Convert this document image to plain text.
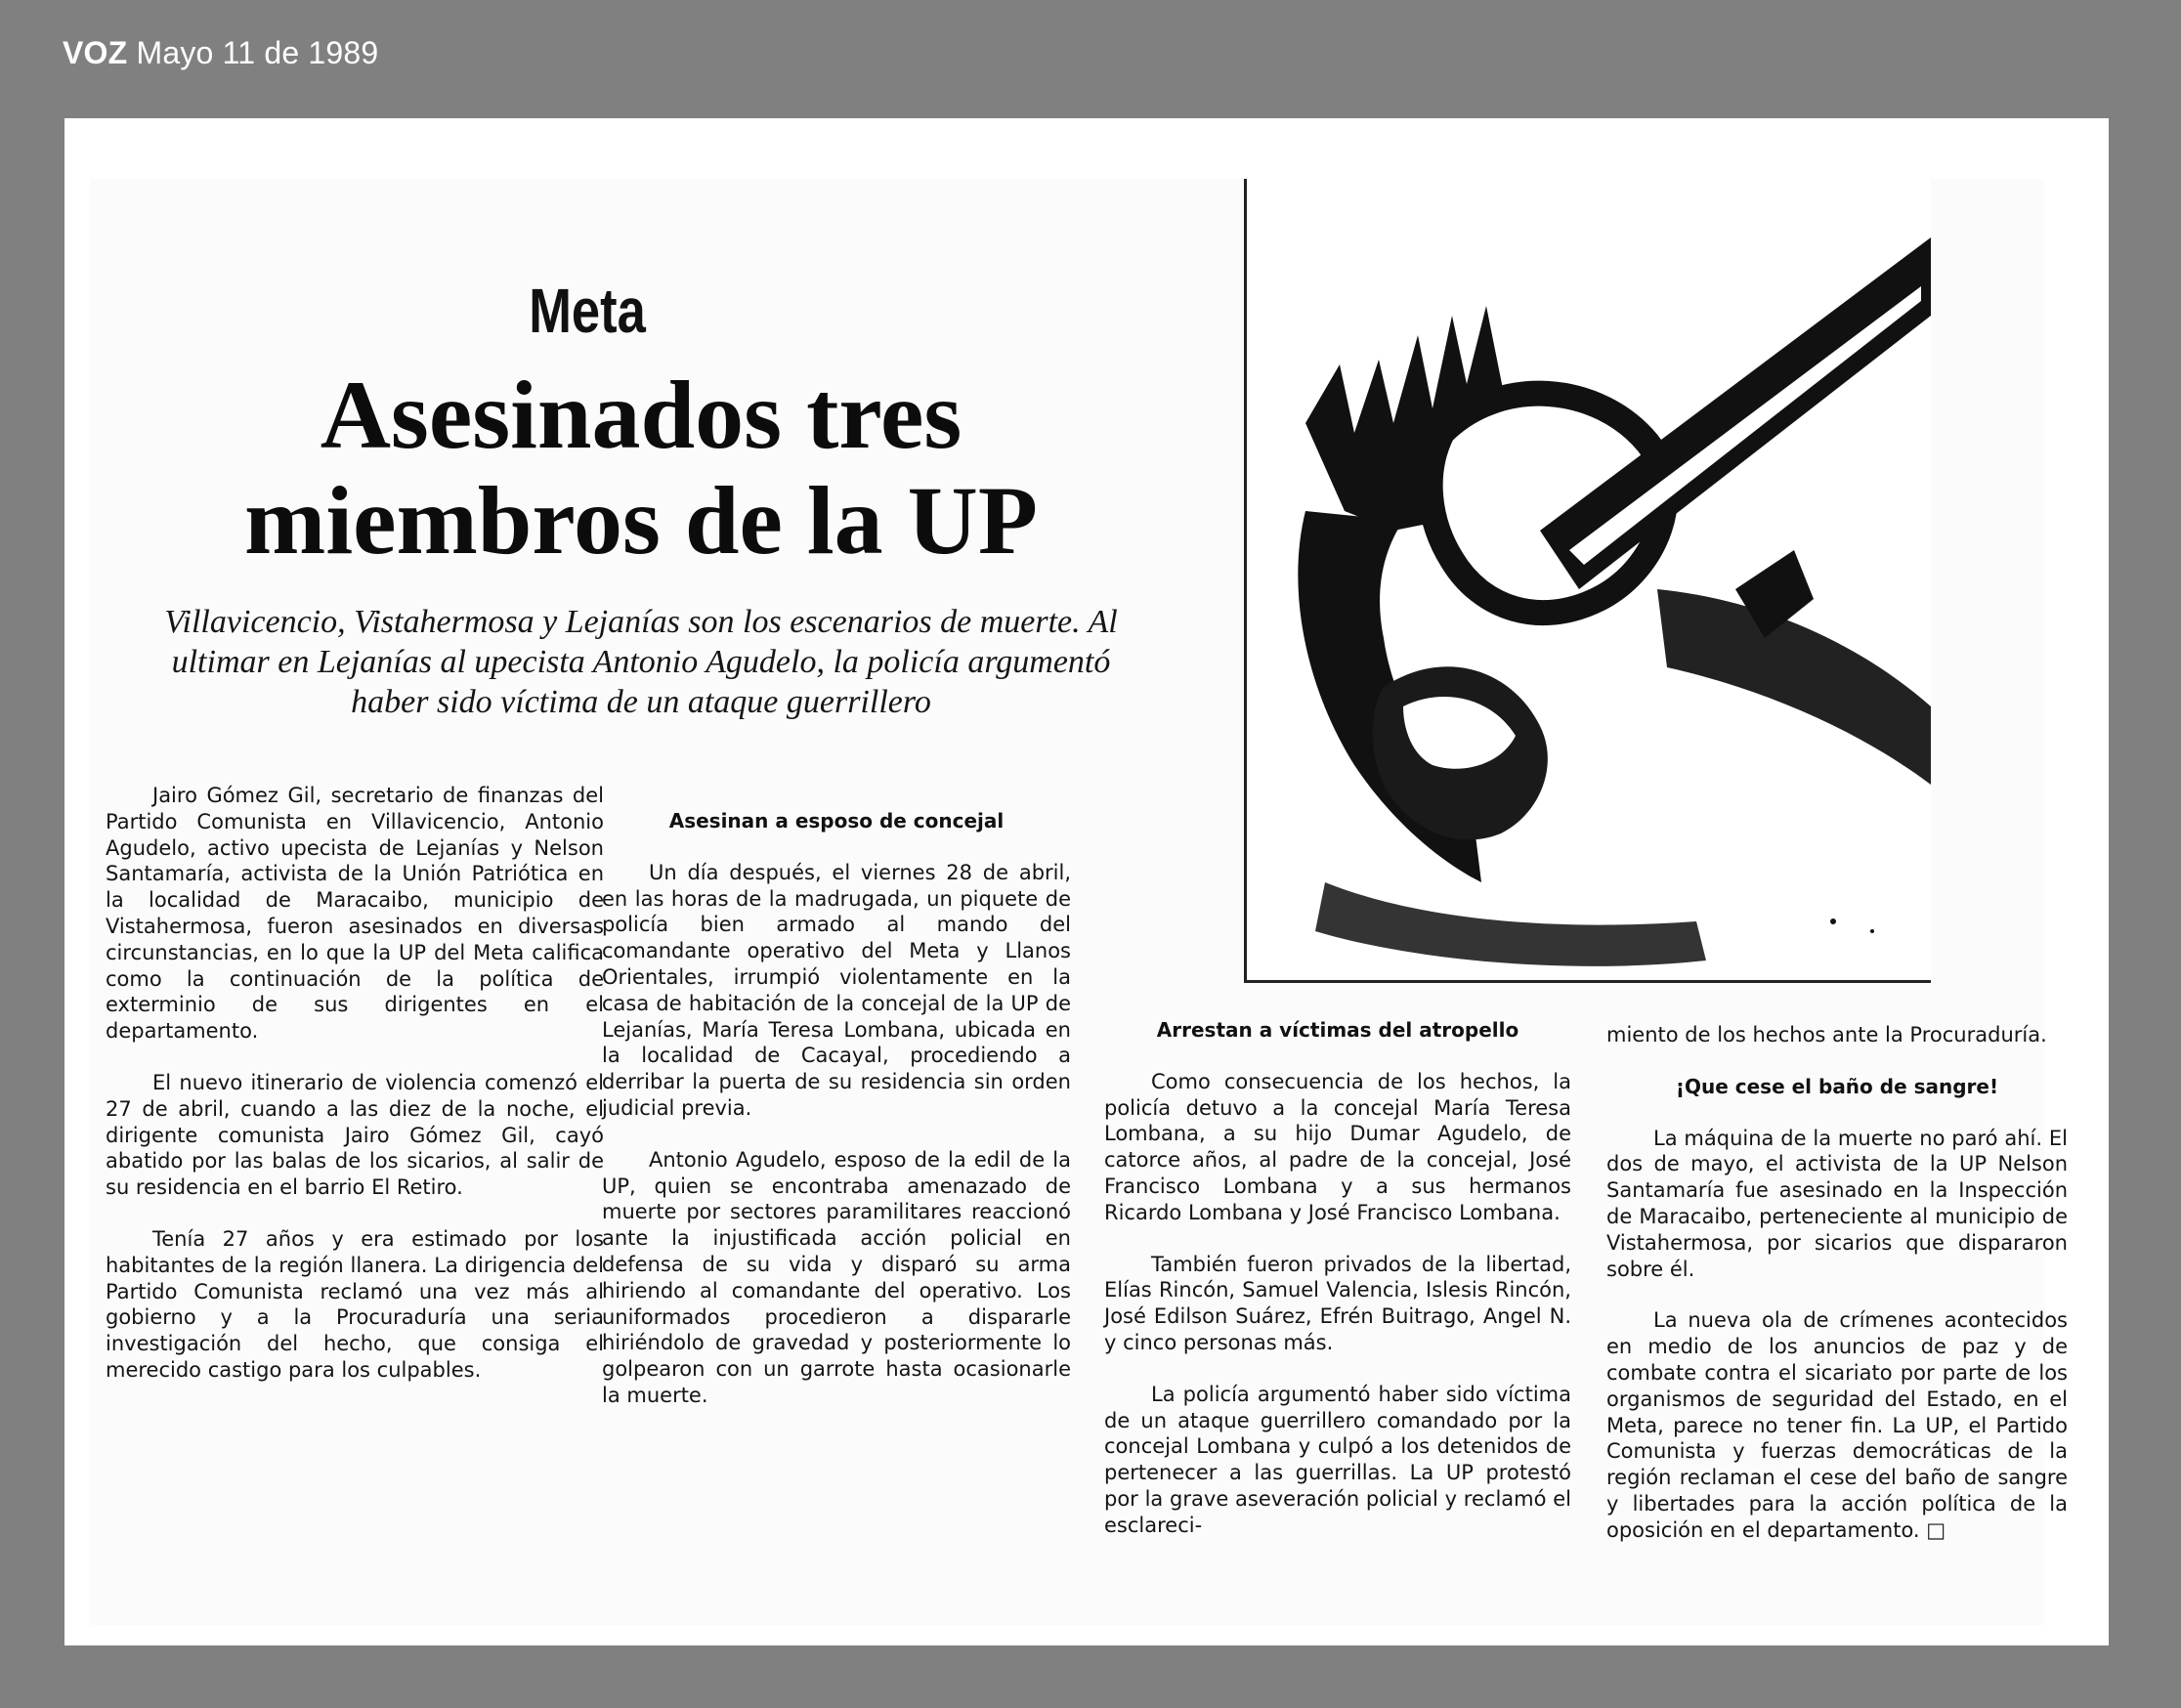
VOZ Mayo 11 de 1989
Meta
Asesinados tres
miembros de la UP
Villavicencio, Vistahermosa y Lejanías son los escenarios de muerte. Al ultimar en Lejanías al upecista Antonio Agudelo, la policía argumentó haber sido víctima de un ataque guerrillero

Jairo Gómez Gil, secretario de finanzas del Partido Comunista en Villavicencio, Antonio Agudelo, activo upecista de Lejanías y Nelson Santamaría, activista de la Unión Patriótica en la localidad de Maracaibo, municipio de Vistahermosa, fueron asesinados en diversas circunstancias, en lo que la UP del Meta califica como la continuación de la política de exterminio de sus dirigentes en el departamento.

El nuevo itinerario de violencia comenzó el 27 de abril, cuando a las diez de la noche, el dirigente comunista Jairo Gómez Gil, cayó abatido por las balas de los sicarios, al salir de su residencia en el barrio El Retiro.

Tenía 27 años y era estimado por los habitantes de la región llanera. La dirigencia del Partido Comunista reclamó una vez más al gobierno y a la Procuraduría una seria investigación del hecho, que consiga el merecido castigo para los culpables.

Asesinan a esposo de concejal

Un día después, el viernes 28 de abril, en las horas de la madrugada, un piquete de policía bien armado al mando del comandante operativo del Meta y Llanos Orientales, irrumpió violentamente en la casa de habitación de la concejal de la UP de Lejanías, María Teresa Lombana, ubicada en la localidad de Cacayal, procediendo a derribar la puerta de su residencia sin orden judicial previa.

Antonio Agudelo, esposo de la edil de la UP, quien se encontraba amenazado de muerte por sectores paramilitares reaccionó ante la injustificada acción policial en defensa de su vida y disparó su arma hiriendo al comandante del operativo. Los uniformados procedieron a dispararle hiriéndolo de gravedad y posteriormente lo golpearon con un garrote hasta ocasionarle la muerte.

Arrestan a víctimas del atropello

Como consecuencia de los hechos, la policía detuvo a la concejal María Teresa Lombana, a su hijo Dumar Agudelo, de catorce años, al padre de la concejal, José Francisco Lombana y a sus hermanos Ricardo Lombana y José Francisco Lombana.

También fueron privados de la libertad, Elías Rincón, Samuel Valencia, Islesis Rincón, José Edilson Suárez, Efrén Buitrago, Angel N. y cinco personas más.

La policía argumentó haber sido víctima de un ataque guerrillero comandado por la concejal Lombana y culpó a los detenidos de pertenecer a las guerrillas. La UP protestó por la grave aseveración policial y reclamó el esclareci-

miento de los hechos ante la Procuraduría.

¡Que cese el baño de sangre!

La máquina de la muerte no paró ahí. El dos de mayo, el activista de la UP Nelson Santamaría fue asesinado en la Inspección de Maracaibo, perteneciente al municipio de Vistahermosa, por sicarios que dispararon sobre él.

La nueva ola de crímenes acontecidos en medio de los anuncios de paz y de combate contra el sicariato por parte de los organismos de seguridad del Estado, en el Meta, parece no tener fin. La UP, el Partido Comunista y fuerzas democráticas de la región reclaman el cese del baño de sangre y libertades para la acción política de la oposición en el departamento. □
